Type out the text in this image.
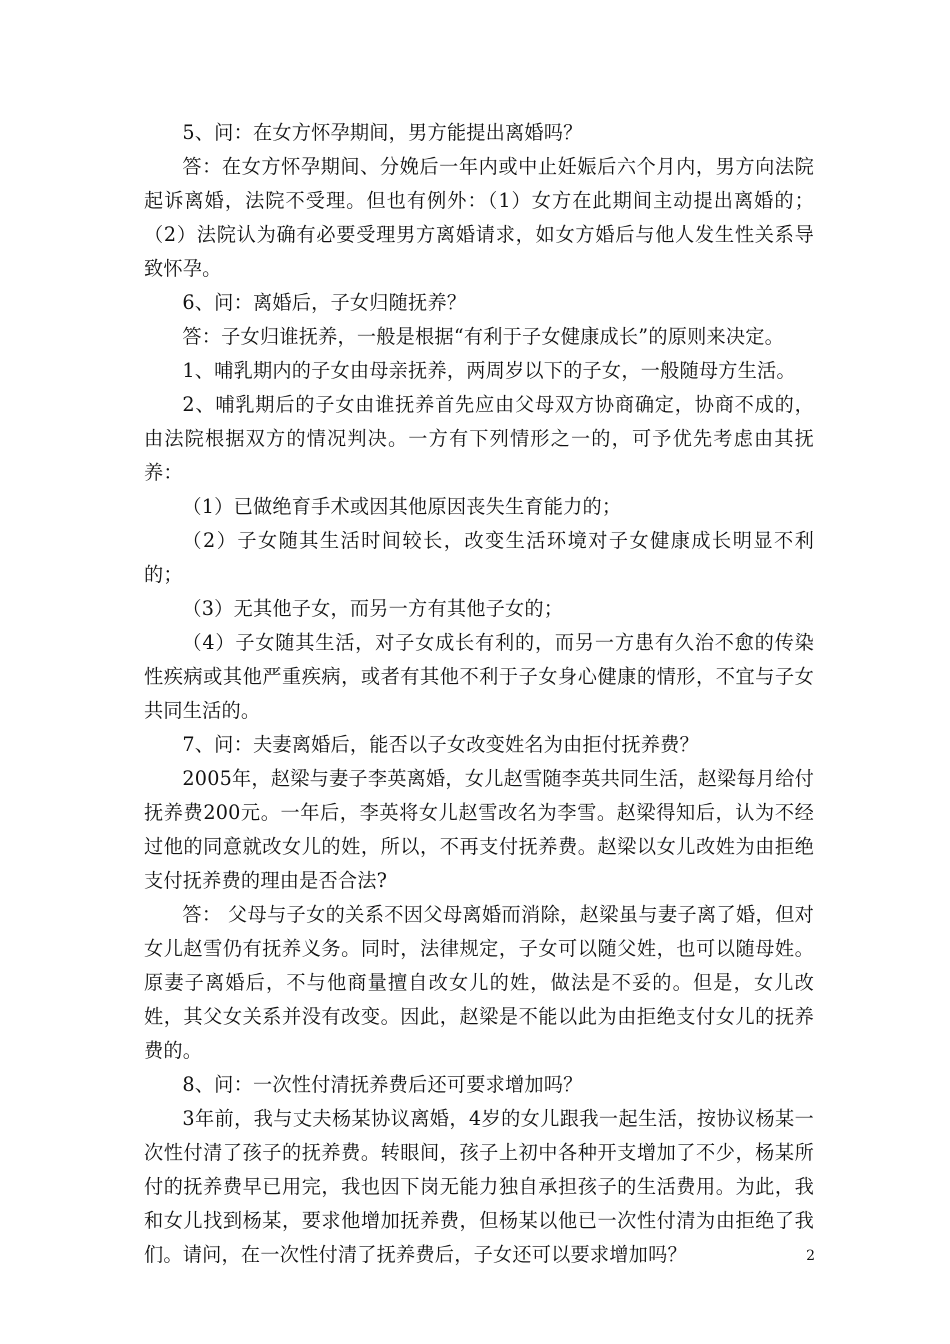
5、问：在女方怀孕期间，男方能提出离婚吗？

答：在女方怀孕期间、分娩后一年内或中止妊娠后六个月内，男方向法院起诉离婚，法院不受理。但也有例外：（1）女方在此期间主动提出离婚的；（2）法院认为确有必要受理男方离婚请求，如女方婚后与他人发生性关系导致怀孕。

6、问：离婚后，子女归随抚养？

答：子女归谁抚养，一般是根据“有利于子女健康成长”的原则来决定。

1、哺乳期内的子女由母亲抚养，两周岁以下的子女，一般随母方生活。

2、哺乳期后的子女由谁抚养首先应由父母双方协商确定，协商不成的，由法院根据双方的情况判决。一方有下列情形之一的，可予优先考虑由其抚养：

（1）已做绝育手术或因其他原因丧失生育能力的；

（2）子女随其生活时间较长，改变生活环境对子女健康成长明显不利的；

（3）无其他子女，而另一方有其他子女的；

（4）子女随其生活，对子女成长有利的，而另一方患有久治不愈的传染性疾病或其他严重疾病，或者有其他不利于子女身心健康的情形，不宜与子女共同生活的。

7、问：夫妻离婚后，能否以子女改变姓名为由拒付抚养费？

2005年，赵梁与妻子李英离婚，女儿赵雪随李英共同生活，赵梁每月给付抚养费200元。一年后，李英将女儿赵雪改名为李雪。赵梁得知后，认为不经过他的同意就改女儿的姓，所以，不再支付抚养费。赵梁以女儿改姓为由拒绝支付抚养费的理由是否合法?

答： 父母与子女的关系不因父母离婚而消除，赵梁虽与妻子离了婚，但对女儿赵雪仍有抚养义务。同时，法律规定，子女可以随父姓，也可以随母姓。原妻子离婚后，不与他商量擅自改女儿的姓，做法是不妥的。但是，女儿改姓，其父女关系并没有改变。因此，赵梁是不能以此为由拒绝支付女儿的抚养费的。

8、问：一次性付清抚养费后还可要求增加吗？

3年前，我与丈夫杨某协议离婚，4岁的女儿跟我一起生活，按协议杨某一次性付清了孩子的抚养费。转眼间，孩子上初中各种开支增加了不少，杨某所付的抚养费早已用完，我也因下岗无能力独自承担孩子的生活费用。为此，我和女儿找到杨某，要求他增加抚养费，但杨某以他已一次性付清为由拒绝了我们。请问，在一次性付清了抚养费后，子女还可以要求增加吗？	2
